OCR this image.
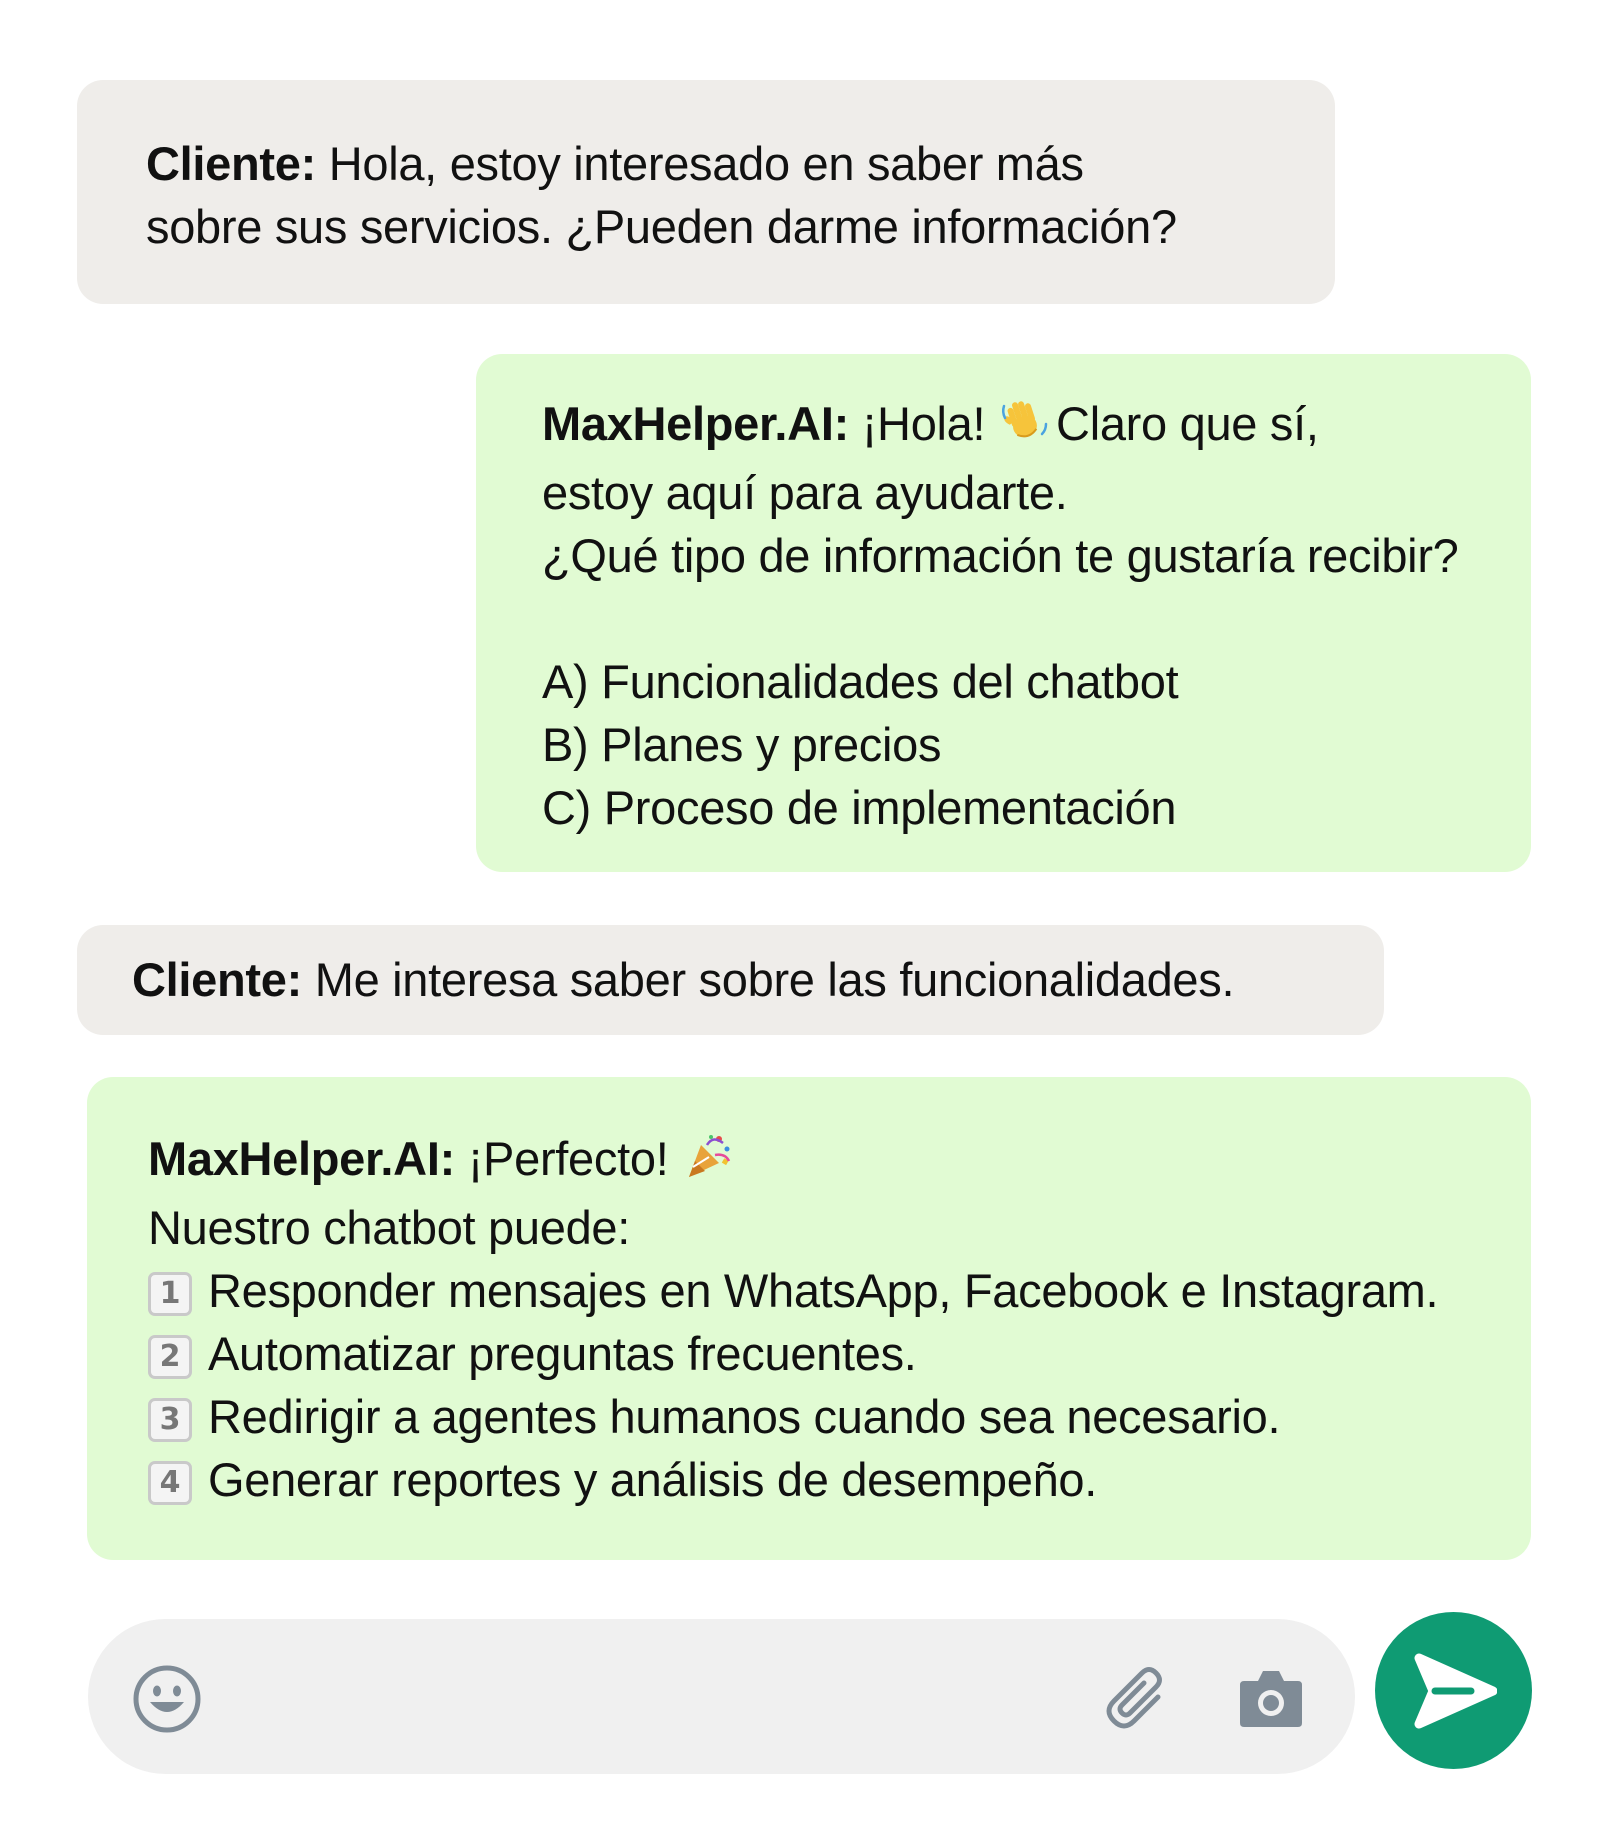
Cliente: Hola, estoy interesado en saber más
sobre sus servicios. ¿Pueden darme información?
MaxHelper.AI: ¡Hola! Claro que sí,
estoy aquí para ayudarte.
¿Qué tipo de información te gustaría recibir?
A) Funcionalidades del chatbot
B) Planes y precios
C) Proceso de implementación
Cliente: Me interesa saber sobre las funcionalidades.
MaxHelper.AI: ¡Perfecto!
Nuestro chatbot puede:
1 Responder mensajes en WhatsApp, Facebook e Instagram.
2 Automatizar preguntas frecuentes.
3 Redirigir a agentes humanos cuando sea necesario.
4 Generar reportes y análisis de desempeño.
